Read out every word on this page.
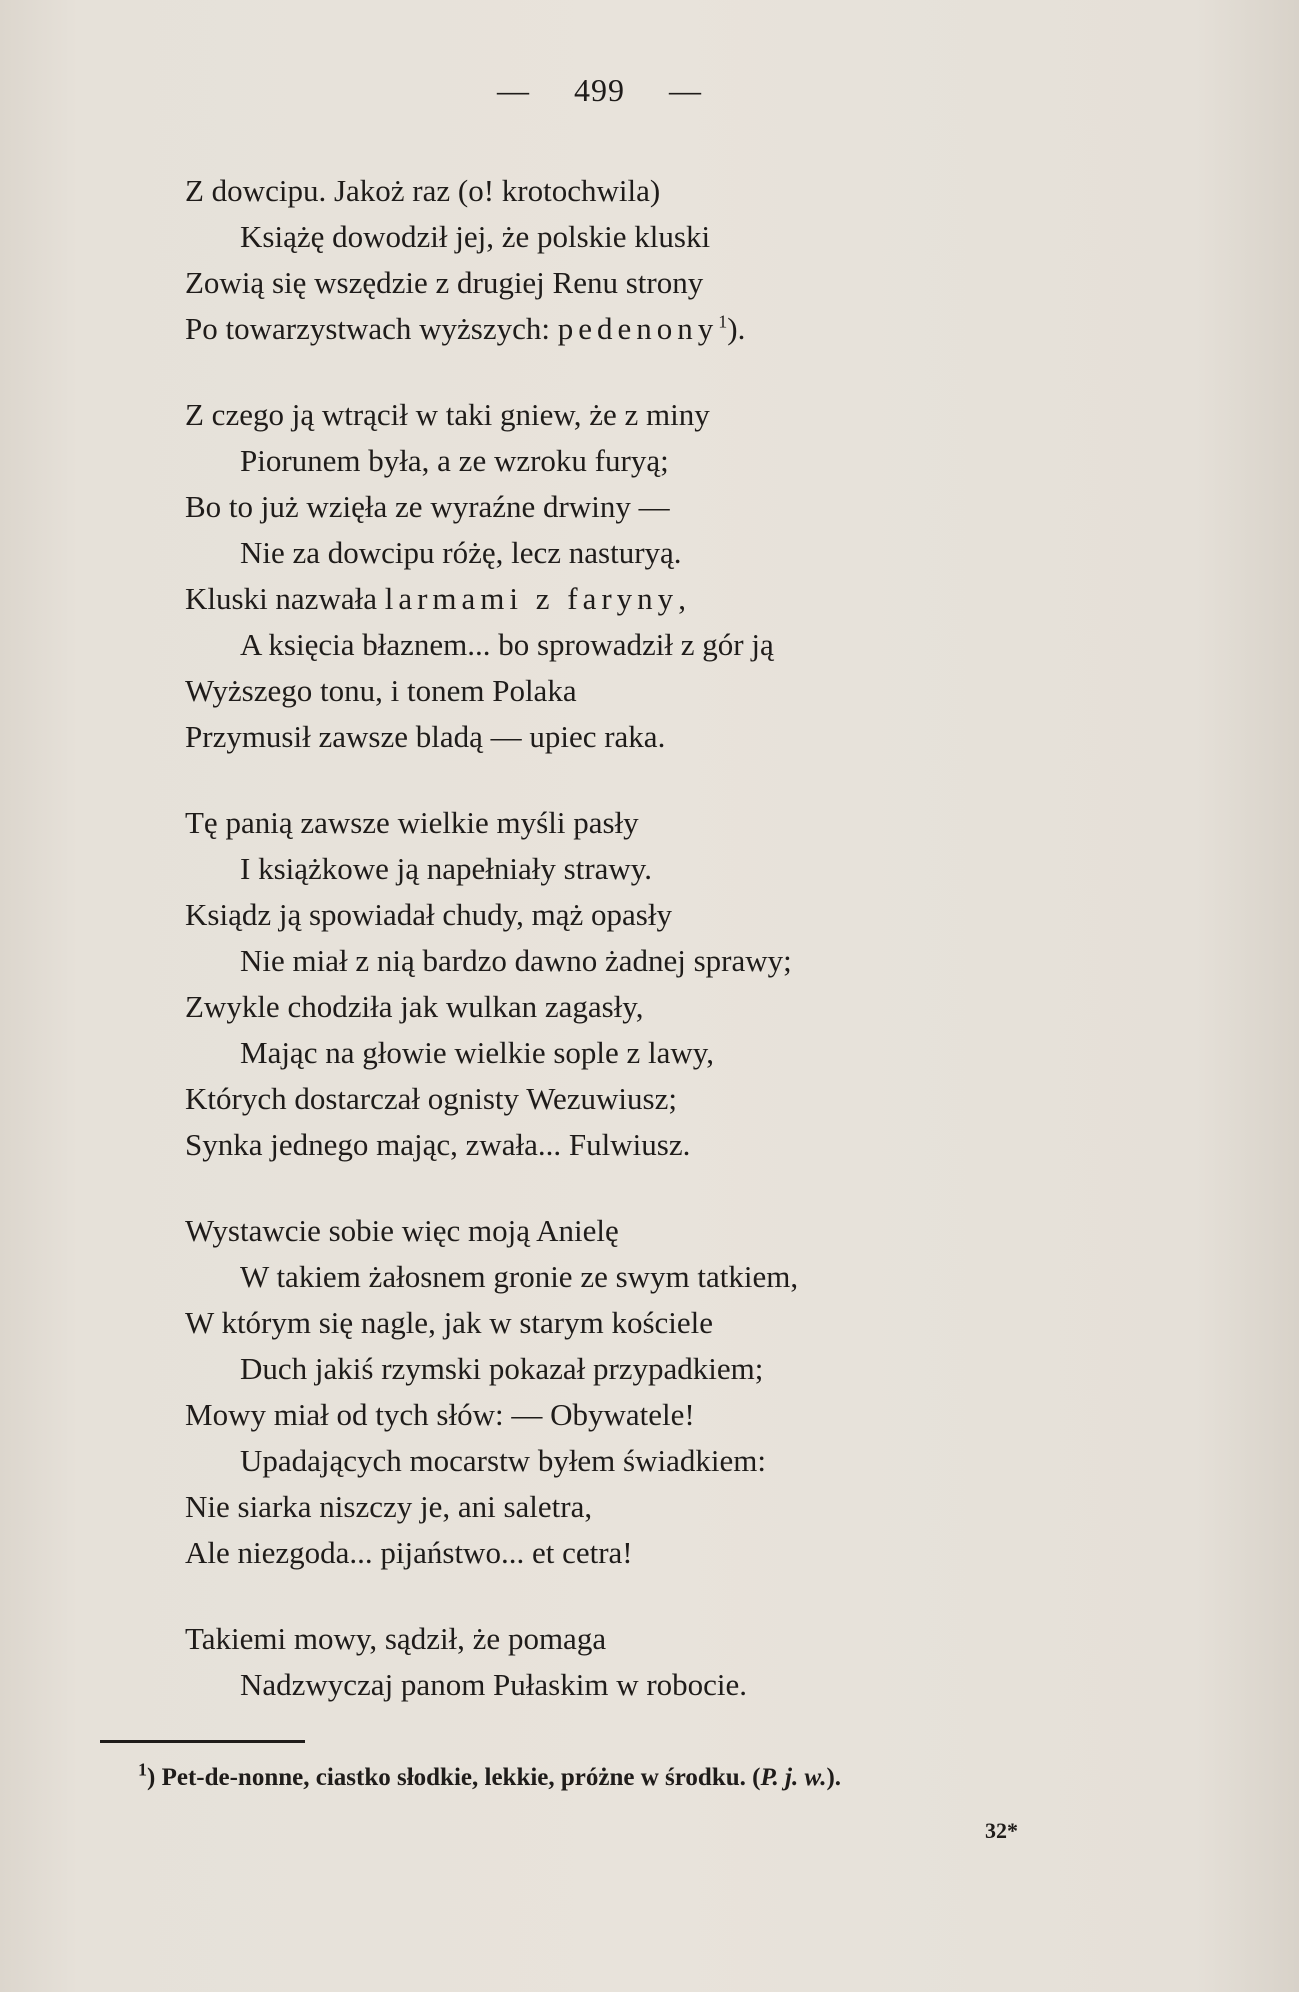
— 499 —
Z dowcipu. Jakoż raz (o! krotochwila)
Książę dowodził jej, że polskie kluski
Zowią się wszędzie z drugiej Renu strony
Po towarzystwach wyższych: pedenony$^1$).
Z czego ją wtrącił w taki gniew, że z miny
Piorunem była, a ze wzroku furyą;
Bo to już wzięła ze wyraźne drwiny —
Nie za dowcipu różę, lecz nasturyą.
Kluski nazwała larmami z faryny,
A księcia błaznem... bo sprowadził z gór ją
Wyższego tonu, i tonem Polaka
Przymusił zawsze bladą — upiec raka.
Tę panią zawsze wielkie myśli pasły
I książkowe ją napełniały strawy.
Ksiądz ją spowiadał chudy, mąż opasły
Nie miał z nią bardzo dawno żadnej sprawy;
Zwykle chodziła jak wulkan zagasły,
Mając na głowie wielkie sople z lawy,
Których dostarczał ognisty Wezuwiusz;
Synka jednego mając, zwała... Fulwiusz.
Wystawcie sobie więc moją Anielę
W takiem żałosnem gronie ze swym tatkiem,
W którym się nagle, jak w starym kościele
Duch jakiś rzymski pokazał przypadkiem;
Mowy miał od tych słów: — Obywatele!
Upadających mocarstw byłem świadkiem:
Nie siarka niszczy je, ani saletra,
Ale niezgoda... pijaństwo... et cetra!
Takiemi mowy, sądził, że pomaga
Nadzwyczaj panom Pułaskim w robocie.
$^1$) Pet-de-nonne, ciastko słodkie, lekkie, próżne w środku. (P. j. w.).
32*
